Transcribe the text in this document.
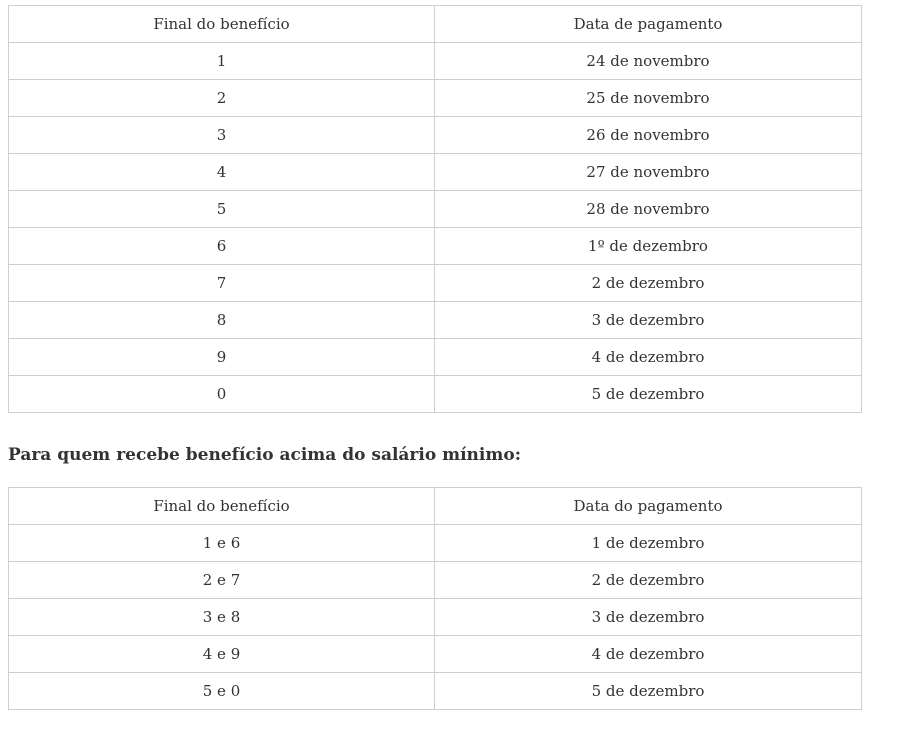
Final do benefício	Data de pagamento
1	24 de novembro
2	25 de novembro
3	26 de novembro
4	27 de novembro
5	28 de novembro
6	1º de dezembro
7	2 de dezembro
8	3 de dezembro
9	4 de dezembro
0	5 de dezembro
Para quem recebe benefício acima do salário mínimo:
Final do benefício	Data do pagamento
1 e 6	1 de dezembro
2 e 7	2 de dezembro
3 e 8	3 de dezembro
4 e 9	4 de dezembro
5 e 0	5 de dezembro
